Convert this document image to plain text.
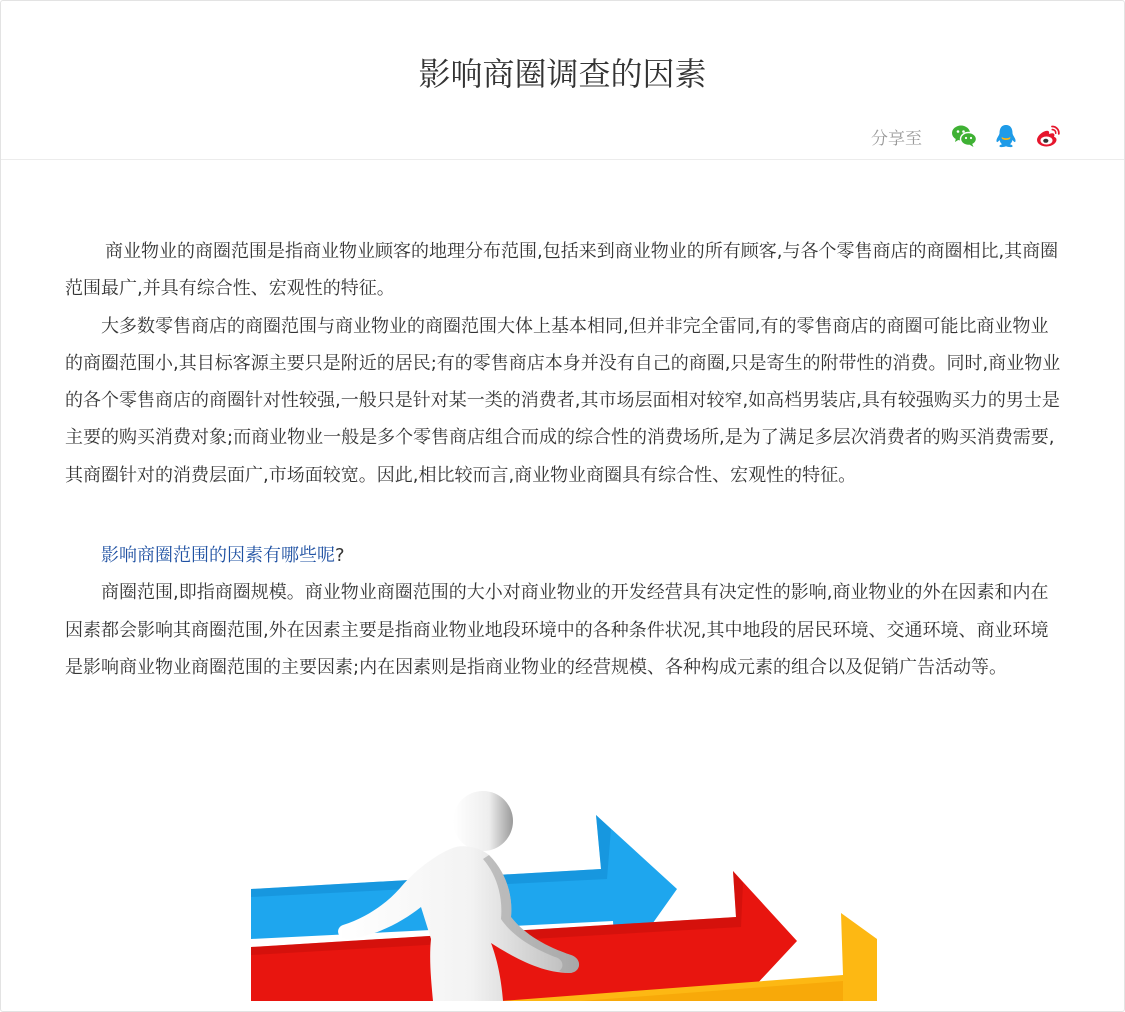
影响商圈调查的因素
分享至

商业物业的商圈范围是指商业物业顾客的地理分布范围,包括来到商业物业的所有顾客,与各个零售商店的商圈相比,其商圈范围最广,并具有综合性、宏观性的特征。

大多数零售商店的商圈范围与商业物业的商圈范围大体上基本相同,但并非完全雷同,有的零售商店的商圈可能比商业物业的商圈范围小,其目标客源主要只是附近的居民;有的零售商店本身并没有自己的商圈,只是寄生的附带性的消费。同时,商业物业的各个零售商店的商圈针对性较强,一般只是针对某一类的消费者,其市场层面相对较窄,如高档男装店,具有较强购买力的男士是主要的购买消费对象;而商业物业一般是多个零售商店组合而成的综合性的消费场所,是为了满足多层次消费者的购买消费需要,其商圈针对的消费层面广,市场面较宽。因此,相比较而言,商业物业商圈具有综合性、宏观性的特征。

影响商圈范围的因素有哪些呢?

商圈范围,即指商圈规模。商业物业商圈范围的大小对商业物业的开发经营具有决定性的影响,商业物业的外在因素和内在因素都会影响其商圈范围,外在因素主要是指商业物业地段环境中的各种条件状况,其中地段的居民环境、交通环境、商业环境是影响商业物业商圈范围的主要因素;内在因素则是指商业物业的经营规模、各种构成元素的组合以及促销广告活动等。
